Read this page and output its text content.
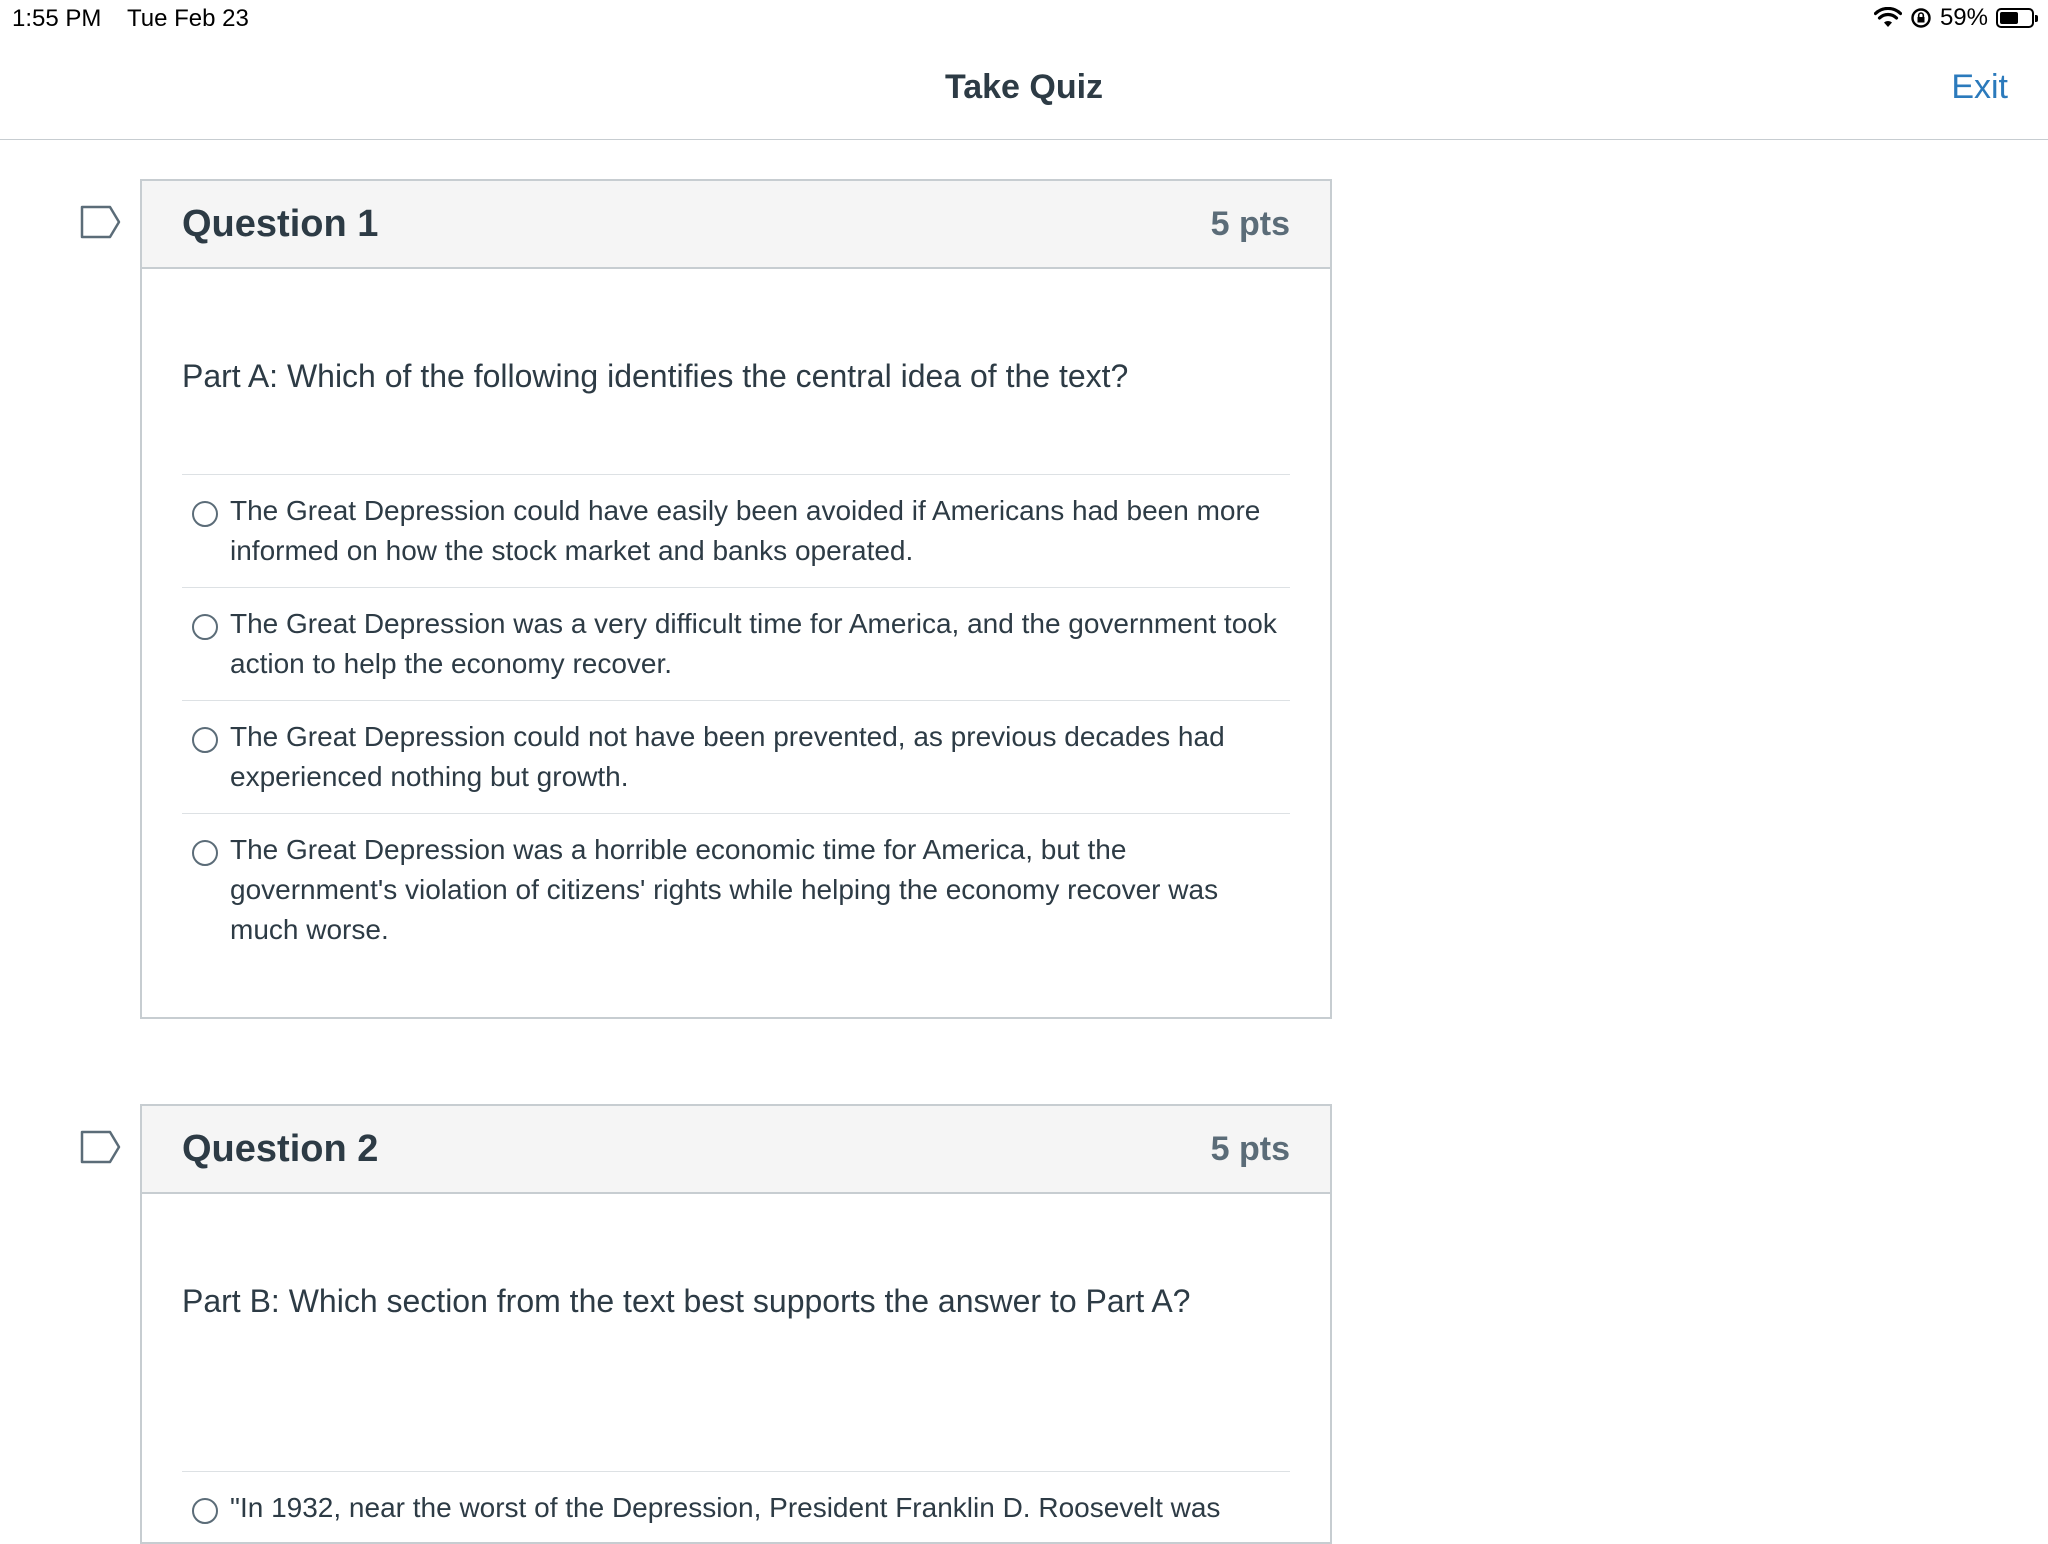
1:55 PM Tue Feb 23	59%
Take Quiz	Exit
Question 1	5 pts
Part A: Which of the following identifies the central idea of the text?
The Great Depression could have easily been avoided if Americans had been more informed on how the stock market and banks operated.
The Great Depression was a very difficult time for America, and the government took action to help the economy recover.
The Great Depression could not have been prevented, as previous decades had experienced nothing but growth.
The Great Depression was a horrible economic time for America, but the government's violation of citizens' rights while helping the economy recover was much worse.
Question 2	5 pts
Part B: Which section from the text best supports the answer to Part A?
"In 1932, near the worst of the Depression, President Franklin D. Roosevelt was
